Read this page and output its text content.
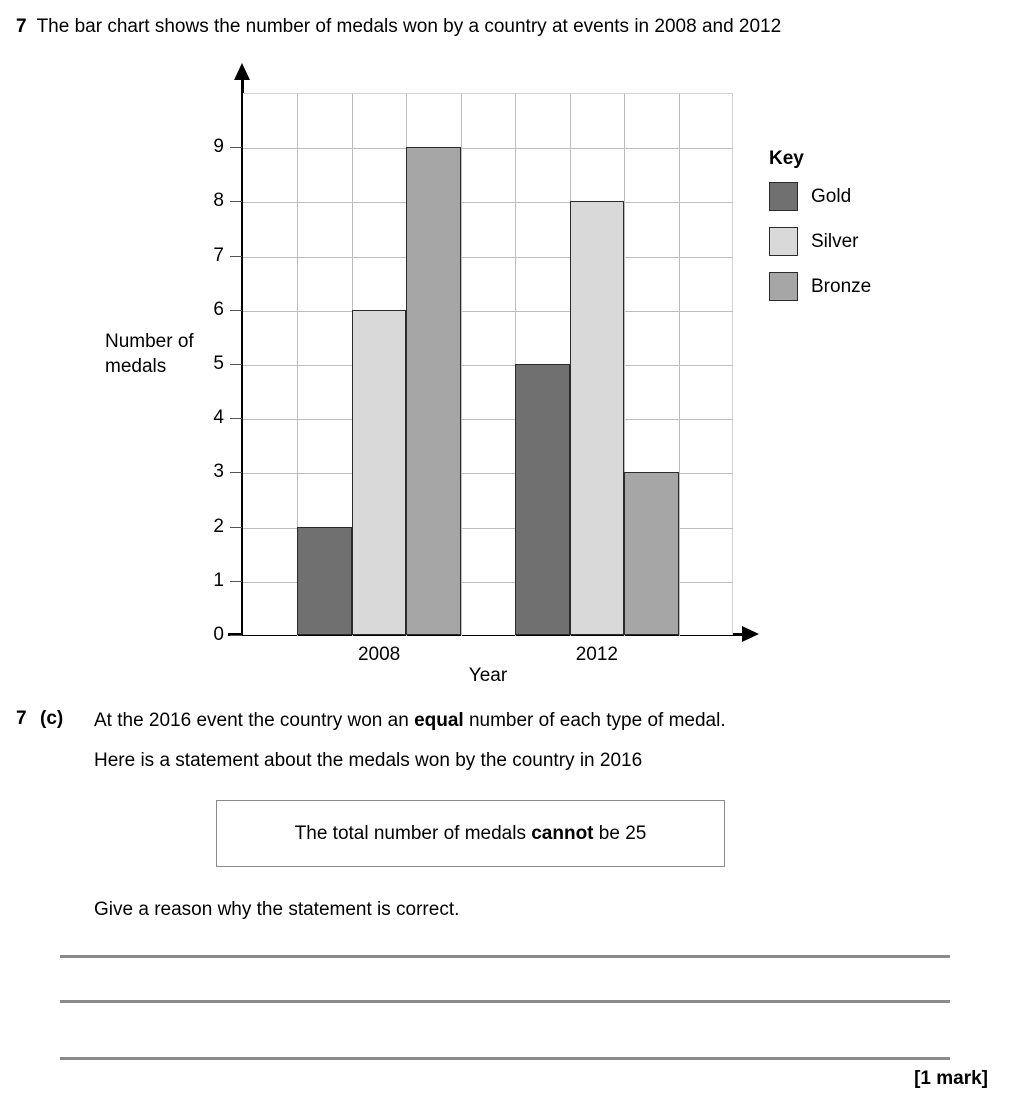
7 The bar chart shows the number of medals won by a country at events in 2008 and 2012
0
1
2
3
4
5
6
7
8
9
2008	2012
Year
Number of
medals
Key
Gold
Silver
Bronze
7 (c) At the 2016 event the country won an equal number of each type of medal.
Here is a statement about the medals won by the country in 2016
The total number of medals cannot be 25
Give a reason why the statement is correct.
[1 mark]
